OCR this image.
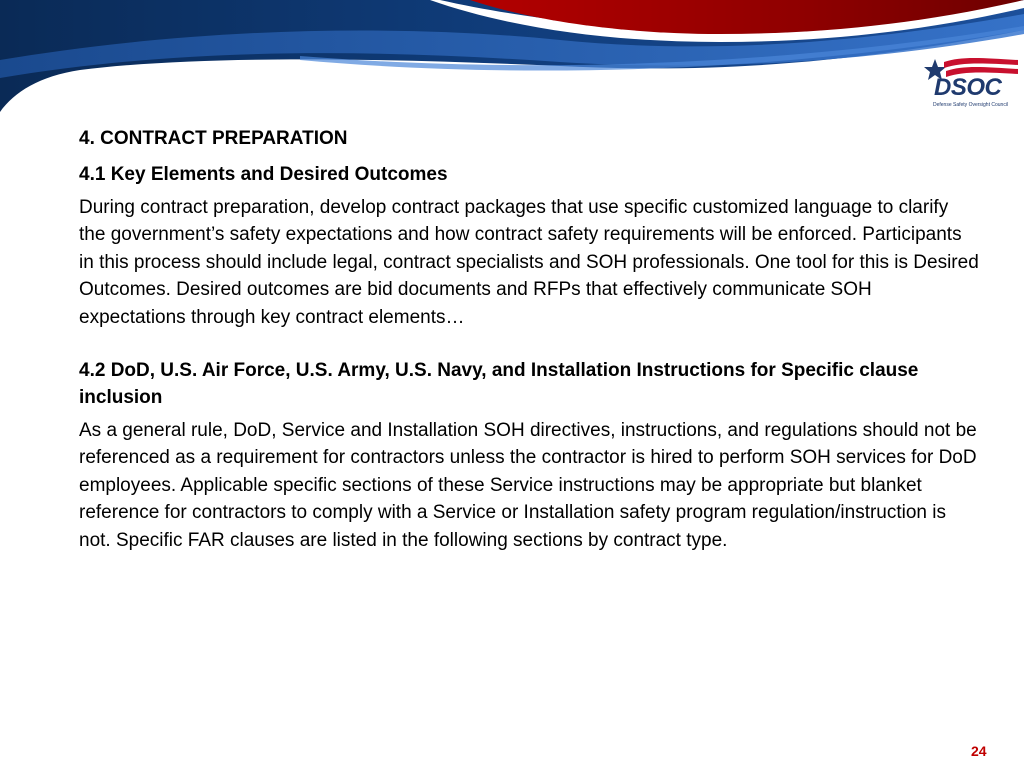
DSOC
Defense Safety Oversight Council
4. CONTRACT PREPARATION
4.1 Key Elements and Desired Outcomes

During contract preparation, develop contract packages that use specific customized language to clarify the government’s safety expectations and how contract safety requirements will be enforced. Participants in this process should include legal, contract specialists and SOH professionals. One tool for this is Desired Outcomes. Desired outcomes are bid documents and RFPs that effectively communicate SOH expectations through key contract elements…

4.2 DoD, U.S. Air Force, U.S. Army, U.S. Navy, and Installation Instructions for Specific clause inclusion

As a general rule, DoD, Service and Installation SOH directives, instructions, and regulations should not be referenced as a requirement for contractors unless the contractor is hired to perform SOH services for DoD employees. Applicable specific sections of these Service instructions may be appropriate but blanket reference for contractors to comply with a Service or Installation safety program regulation/instruction is not. Specific FAR clauses are listed in the following sections by contract type.

24
